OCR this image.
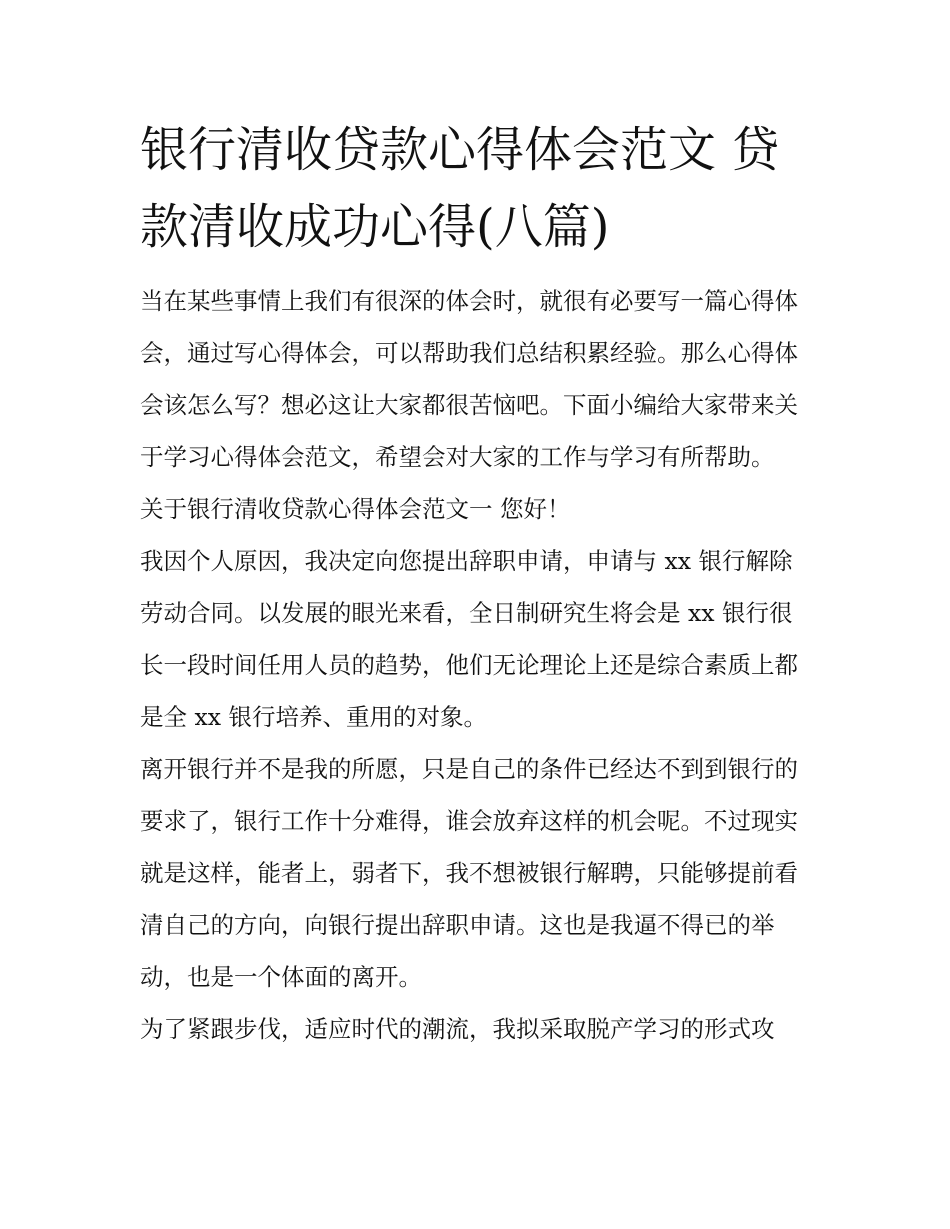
银行清收贷款心得体会范文 贷款清收成功心得(八篇)

当在某些事情上我们有很深的体会时，就很有必要写一篇心得体会，通过写心得体会，可以帮助我们总结积累经验。那么心得体会该怎么写？想必这让大家都很苦恼吧。下面小编给大家带来关于学习心得体会范文，希望会对大家的工作与学习有所帮助。

关于银行清收贷款心得体会范文一 您好！

我因个人原因，我决定向您提出辞职申请，申请与 xx 银行解除劳动合同。以发展的眼光来看，全日制研究生将会是 xx 银行很长一段时间任用人员的趋势，他们无论理论上还是综合素质上都是全 xx 银行培养、重用的对象。

离开银行并不是我的所愿，只是自己的条件已经达不到到银行的要求了，银行工作十分难得，谁会放弃这样的机会呢。不过现实就是这样，能者上，弱者下，我不想被银行解聘，只能够提前看清自己的方向，向银行提出辞职申请。这也是我逼不得已的举动，也是一个体面的离开。

为了紧跟步伐，适应时代的潮流，我拟采取脱产学习的形式攻
